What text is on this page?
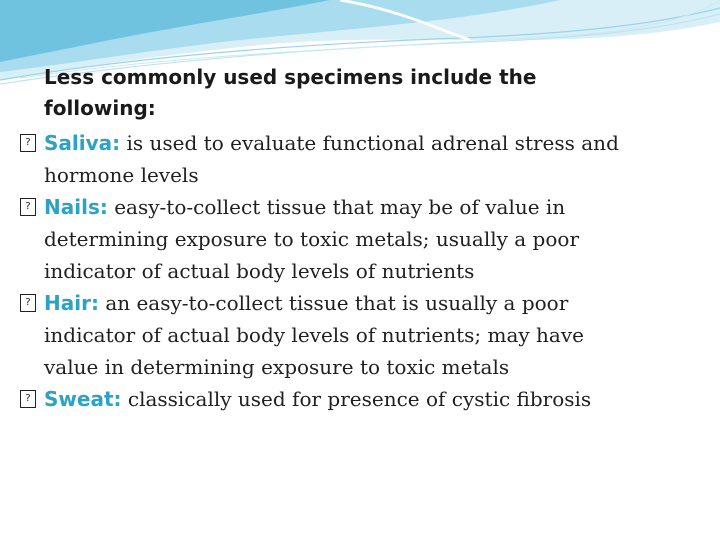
Less commonly used specimens include the
following:
? Saliva: is used to evaluate functional adrenal stress and
hormone levels
? Nails: easy-to-collect tissue that may be of value in
determining exposure to toxic metals; usually a poor
indicator of actual body levels of nutrients
? Hair: an easy-to-collect tissue that is usually a poor
indicator of actual body levels of nutrients; may have
value in determining exposure to toxic metals
? Sweat: classically used for presence of cystic fibrosis
